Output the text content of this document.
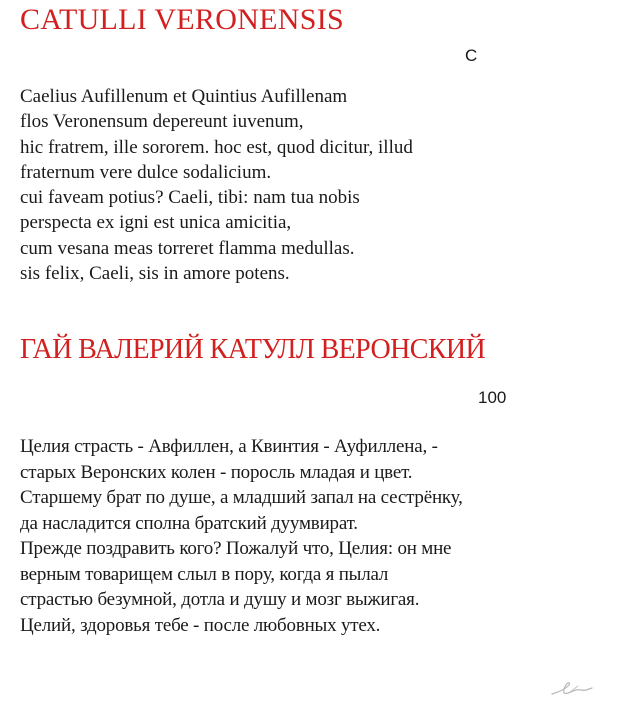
CATULLI VERONENSIS
C
Caelius Aufillenum et Quintius Aufillenam
flos Veronensum depereunt iuvenum,
hic fratrem, ille sororem. hoc est, quod dicitur, illud
fraternum vere dulce sodalicium.
cui faveam potius? Caeli, tibi: nam tua nobis
perspecta ex igni est unica amicitia,
cum vesana meas torreret flamma medullas.
sis felix, Caeli, sis in amore potens.
ГАЙ ВАЛЕРИЙ КАТУЛЛ ВЕРОНСКИЙ
100
Целия страсть - Авфиллен, а Квинтия - Ауфиллена, -
старых Веронских колен - поросль младая и цвет.
Старшему брат по душе, а младший запал на сестрёнку,
да насладится сполна братский дуумвират.
Прежде поздравить кого? Пожалуй что, Целия: он мне
верным товарищем слыл в пору, когда я пылал
страстью безумной, дотла и душу и мозг выжигая.
Целий, здоровья тебе - после любовных утех.
